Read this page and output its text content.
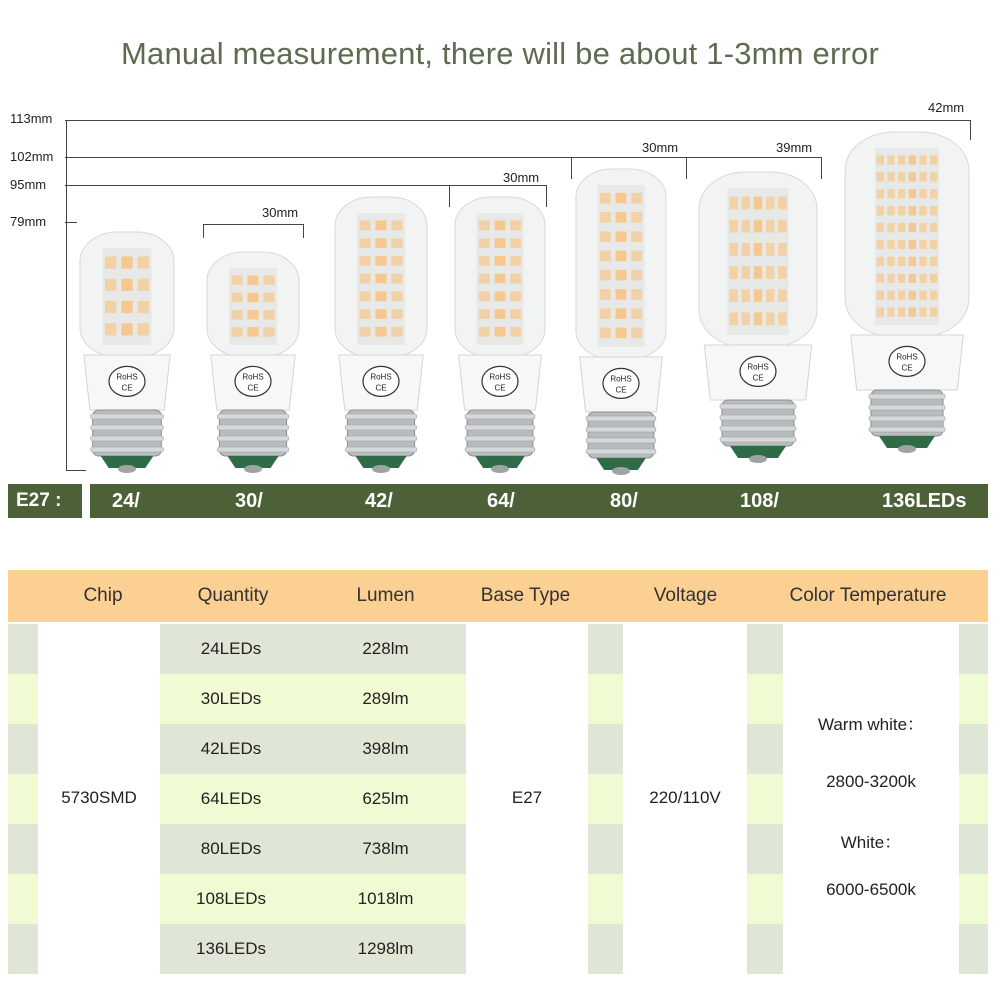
Manual measurement, there will be about 1-3mm error
113mm
102mm
95mm
79mm
30mm
30mm
30mm	39mm
42mm
RoHS
CE
RoHS
CE
RoHS
CE
RoHS
CE
RoHS
CE
RoHS
CE
RoHS
CE
E27 :	24/	30/	42/	64/	80/	108/	136LEDs
Chip	Quantity	Lumen	Base Type	Voltage	Color Temperature
24LEDs	228lm
30LEDs	289lm
42LEDs	398lm
64LEDs	625lm
80LEDs	738lm
108LEDs	1018lm
136LEDs	1298lm
5730SMD	E27	220/110V
Warm white：
2800-3200k
White：
6000-6500k
